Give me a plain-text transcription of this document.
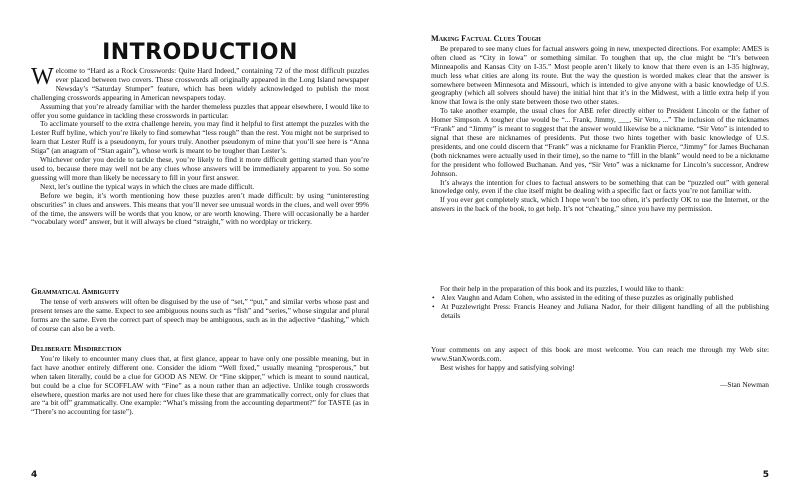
INTRODUCTION

Welcome to “Hard as a Rock Crosswords: Quite Hard Indeed,” containing 72 of the most difficult puzzles ever placed between two covers. These crosswords all originally appeared in the Long Island newspaper Newsday’s “Saturday Stumper” feature, which has been widely acknowledged to publish the most challenging crosswords appearing in American newspapers today.

Assuming that you’re already familiar with the harder themeless puzzles that appear elsewhere, I would like to offer you some guidance in tackling these crosswords in particular.

To acclimate yourself to the extra challenge herein, you may find it helpful to first attempt the puzzles with the Lester Ruff byline, which you’re likely to find somewhat “less rough” than the rest. You might not be surprised to learn that Lester Ruff is a pseudonym, for yours truly. Another pseudonym of mine that you’ll see here is “Anna Stiga” (an anagram of “Stan again”), whose work is meant to be tougher than Lester’s.

Whichever order you decide to tackle these, you’re likely to find it more difficult getting started than you’re used to, because there may well not be any clues whose answers will be immediately apparent to you. So some guessing will more than likely be necessary to fill in your first answer.

Next, let’s outline the typical ways in which the clues are made difficult.

Before we begin, it’s worth mentioning how these puzzles aren’t made difficult: by using “uninteresting obscurities” in clues and answers. This means that you’ll never see unusual words in the clues, and well over 99% of the time, the answers will be words that you know, or are worth knowing. There will occasionally be a harder “vocabulary word” answer, but it will always be clued “straight,” with no wordplay or trickery.

Grammatical Ambiguity

The tense of verb answers will often be disguised by the use of “set,” “put,” and similar verbs whose past and present tenses are the same. Expect to see ambiguous nouns such as “fish” and “series,” whose singular and plural forms are the same. Even the correct part of speech may be ambiguous, such as in the adjective “dashing,” which of course can also be a verb.

Deliberate Misdirection

You’re likely to encounter many clues that, at first glance, appear to have only one possible meaning, but in fact have another entirely different one. Consider the idiom “Well fixed,” usually meaning “prosperous,” but when taken literally, could be a clue for GOOD AS NEW. Or “Fine skipper,” which is meant to sound nautical, but could be a clue for SCOFFLAW with “Fine” as a noun rather than an adjective. Unlike tough crosswords elsewhere, question marks are not used here for clues like these that are grammatically correct, only for clues that are “a bit off” grammatically. One example: “What’s missing from the accounting department?” for TASTE (as in “There’s no accounting for taste”).

4

Making Factual Clues Tough

Be prepared to see many clues for factual answers going in new, unexpected directions. For example: AMES is often clued as “City in Iowa” or something similar. To toughen that up, the clue might be “It’s between Minneapolis and Kansas City on I-35.” Most people aren’t likely to know that there even is an I-35 highway, much less what cities are along its route. But the way the question is worded makes clear that the answer is somewhere between Minnesota and Missouri, which is intended to give anyone with a basic knowledge of U.S. geography (which all solvers should have) the initial hint that it’s in the Midwest, with a little extra help if you know that Iowa is the only state between those two other states.

To take another example, the usual clues for ABE refer directly either to President Lincoln or the father of Homer Simpson. A tougher clue would be “... Frank, Jimmy, ___, Sir Veto, ...” The inclusion of the nicknames “Frank” and “Jimmy” is meant to suggest that the answer would likewise be a nickname. “Sir Veto” is intended to signal that these are nicknames of presidents. Put those two hints together with basic knowledge of U.S. presidents, and one could discern that “Frank” was a nickname for Franklin Pierce, “Jimmy” for James Buchanan (both nicknames were actually used in their time), so the name to “fill in the blank” would need to be a nickname for the president who followed Buchanan. And yes, “Sir Veto” was a nickname for Lincoln’s successor, Andrew Johnson.

It’s always the intention for clues to factual answers to be something that can be “puzzled out” with general knowledge only, even if the clue itself might be dealing with a specific fact or facts you’re not familiar with.

If you ever get completely stuck, which I hope won’t be too often, it’s perfectly OK to use the Internet, or the answers in the back of the book, to get help. It’s not “cheating,” since you have my permission.

For their help in the preparation of this book and its puzzles, I would like to thank:

• Alex Vaughn and Adam Cohen, who assisted in the editing of these puzzles as originally published
• At Puzzlewright Press: Francis Heaney and Juliana Nador, for their diligent handling of all the publishing details

Your comments on any aspect of this book are most welcome. You can reach me through my Web site: www.StanXwords.com.

Best wishes for happy and satisfying solving!

—Stan Newman

5
